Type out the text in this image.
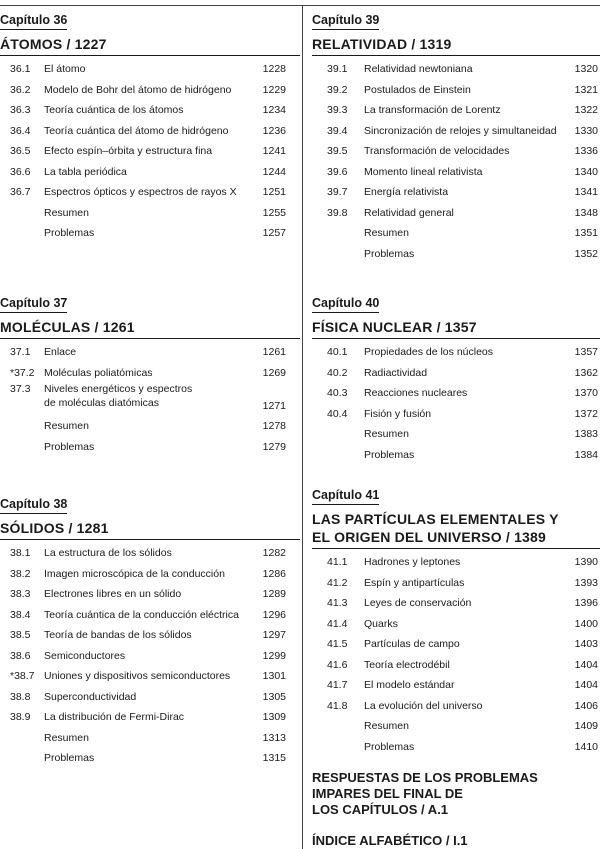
Capítulo 36
ÁTOMOS / 1227
36.1 El átomo	1228
36.2 Modelo de Bohr del átomo de hidrógeno	1229
36.3 Teoría cuántica de los átomos	1234
36.4 Teoría cuántica del átomo de hidrógeno	1236
36.5 Efecto espín–órbita y estructura fina	1241
36.6 La tabla periódica	1244
36.7 Espectros ópticos y espectros de rayos X 1251
Resumen	1255
Problemas	1257
Capítulo 37
MOLÉCULAS / 1261
37.1 Enlace	1261
*37.2 Moléculas poliatómicas	1269
37.3 Niveles energéticos y espectros
de moléculas diatómicas	1271
Resumen	1278
Problemas	1279
Capítulo 38
SÓLIDOS / 1281
38.1 La estructura de los sólidos	1282
38.2 Imagen microscópica de la conducción	1286
38.3 Electrones libres en un sólido	1289
38.4 Teoría cuántica de la conducción eléctrica 1296
38.5 Teoría de bandas de los sólidos	1297
38.6 Semiconductores	1299
*38.7 Uniones y dispositivos semiconductores	1301
38.8 Superconductividad	1305
38.9 La distribución de Fermi-Dirac	1309
Resumen	1313
Problemas	1315
Capítulo 39
RELATIVIDAD / 1319
39.1 Relatividad newtoniana	1320
39.2 Postulados de Einstein	1321
39.3 La transformación de Lorentz	1322
39.4 Sincronización de relojes y simultaneidad 1330
39.5 Transformación de velocidades	1336
39.6 Momento lineal relativista	1340
39.7 Energía relativista	1341
39.8 Relatividad general	1348
Resumen	1351
Problemas	1352
Capítulo 40
FÍSICA NUCLEAR / 1357
40.1 Propiedades de los núcleos	1357
40.2 Radiactividad	1362
40.3 Reacciones nucleares	1370
40.4 Fisión y fusión	1372
Resumen	1383
Problemas	1384
Capítulo 41
LAS PARTÍCULAS ELEMENTALES Y
EL ORIGEN DEL UNIVERSO / 1389
41.1 Hadrones y leptones	1390
41.2 Espín y antipartículas	1393
41.3 Leyes de conservación	1396
41.4 Quarks	1400
41.5 Partículas de campo	1403
41.6 Teoría electrodébil	1404
41.7 El modelo estándar	1404
41.8 La evolución del universo	1406
Resumen	1409
Problemas	1410
RESPUESTAS DE LOS PROBLEMAS
IMPARES DEL FINAL DE
LOS CAPÍTULOS / A.1
ÍNDICE ALFABÉTICO / I.1
